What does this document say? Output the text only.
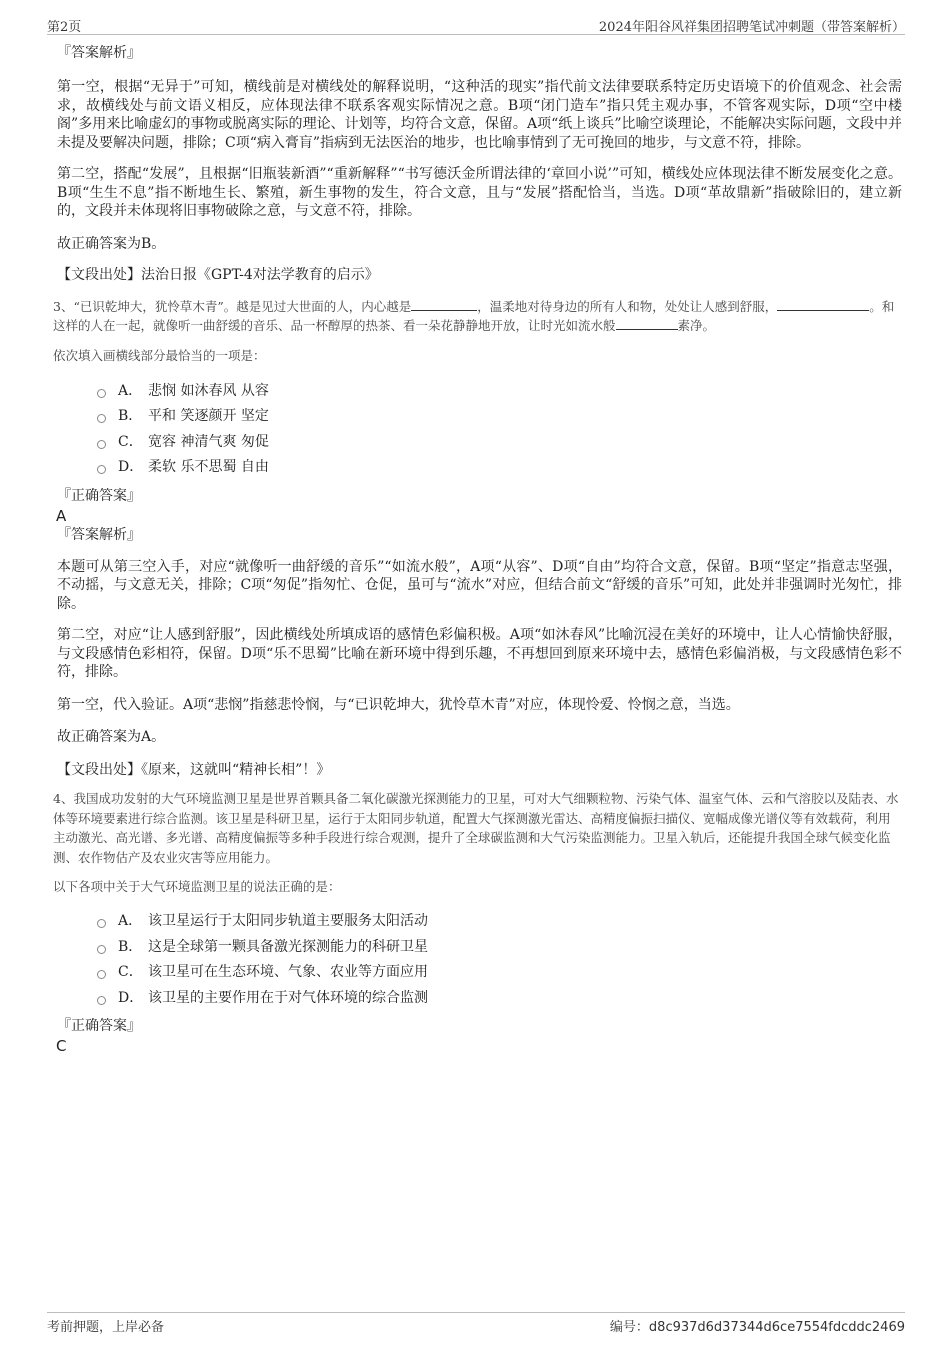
第2页	2024年阳谷风祥集团招聘笔试冲刺题（带答案解析）

『答案解析』

第一空，根据“无异于”可知，横线前是对横线处的解释说明，“这种活的现实”指代前文法律要联系特定历史语境下的价值观念、社会需求，故横线处与前文语义相反，应体现法律不联系客观实际情况之意。B项“闭门造车”指只凭主观办事，不管客观实际，D项“空中楼阁”多用来比喻虚幻的事物或脱离实际的理论、计划等，均符合文意，保留。A项“纸上谈兵”比喻空谈理论，不能解决实际问题，文段中并未提及要解决问题，排除；C项“病入膏肓”指病到无法医治的地步，也比喻事情到了无可挽回的地步，与文意不符，排除。

第二空，搭配“发展”，且根据“旧瓶装新酒”“重新解释”“书写德沃金所谓法律的‘章回小说’”可知，横线处应体现法律不断发展变化之意。B项“生生不息”指不断地生长、繁殖，新生事物的发生，符合文意，且与“发展”搭配恰当，当选。D项“革故鼎新”指破除旧的，建立新的，文段并未体现将旧事物破除之意，与文意不符，排除。

故正确答案为B。

【文段出处】法治日报《GPT-4对法学教育的启示》

3、“已识乾坤大，犹怜草木青”。越是见过大世面的人，内心越是	，温柔地对待身边的所有人和物，处处让人感到舒服，	。和这样的人在一起，就像听一曲舒缓的音乐、品一杯醇厚的热茶、看一朵花静静地开放，让时光如流水般	素净。

依次填入画横线部分最恰当的一项是：

A． 悲悯 如沐春风 从容
B． 平和 笑逐颜开 坚定
C． 宽容 神清气爽 匆促
D． 柔软 乐不思蜀 自由

『正确答案』

A

『答案解析』

本题可从第三空入手，对应“就像听一曲舒缓的音乐”“如流水般”，A项“从容”、D项“自由”均符合文意，保留。B项“坚定”指意志坚强，不动摇，与文意无关，排除；C项“匆促”指匆忙、仓促，虽可与“流水”对应，但结合前文“舒缓的音乐”可知，此处并非强调时光匆忙，排除。

第二空，对应“让人感到舒服”，因此横线处所填成语的感情色彩偏积极。A项“如沐春风”比喻沉浸在美好的环境中，让人心情愉快舒服，与文段感情色彩相符，保留。D项“乐不思蜀”比喻在新环境中得到乐趣，不再想回到原来环境中去，感情色彩偏消极，与文段感情色彩不符，排除。

第一空，代入验证。A项“悲悯”指慈悲怜悯，与“已识乾坤大，犹怜草木青”对应，体现怜爱、怜悯之意，当选。

故正确答案为A。

【文段出处】《原来，这就叫“精神长相”！》

4、我国成功发射的大气环境监测卫星是世界首颗具备二氧化碳激光探测能力的卫星，可对大气细颗粒物、污染气体、温室气体、云和气溶胶以及陆表、水体等环境要素进行综合监测。该卫星是科研卫星，运行于太阳同步轨道，配置大气探测激光雷达、高精度偏振扫描仪、宽幅成像光谱仪等有效载荷，利用主动激光、高光谱、多光谱、高精度偏振等多种手段进行综合观测，提升了全球碳监测和大气污染监测能力。卫星入轨后，还能提升我国全球气候变化监测、农作物估产及农业灾害等应用能力。

以下各项中关于大气环境监测卫星的说法正确的是：

A． 该卫星运行于太阳同步轨道主要服务太阳活动
B． 这是全球第一颗具备激光探测能力的科研卫星
C． 该卫星可在生态环境、气象、农业等方面应用
D． 该卫星的主要作用在于对气体环境的综合监测

『正确答案』

C

考前押题，上岸必备	编号：d8c937d6d37344d6ce7554fdcddc2469
